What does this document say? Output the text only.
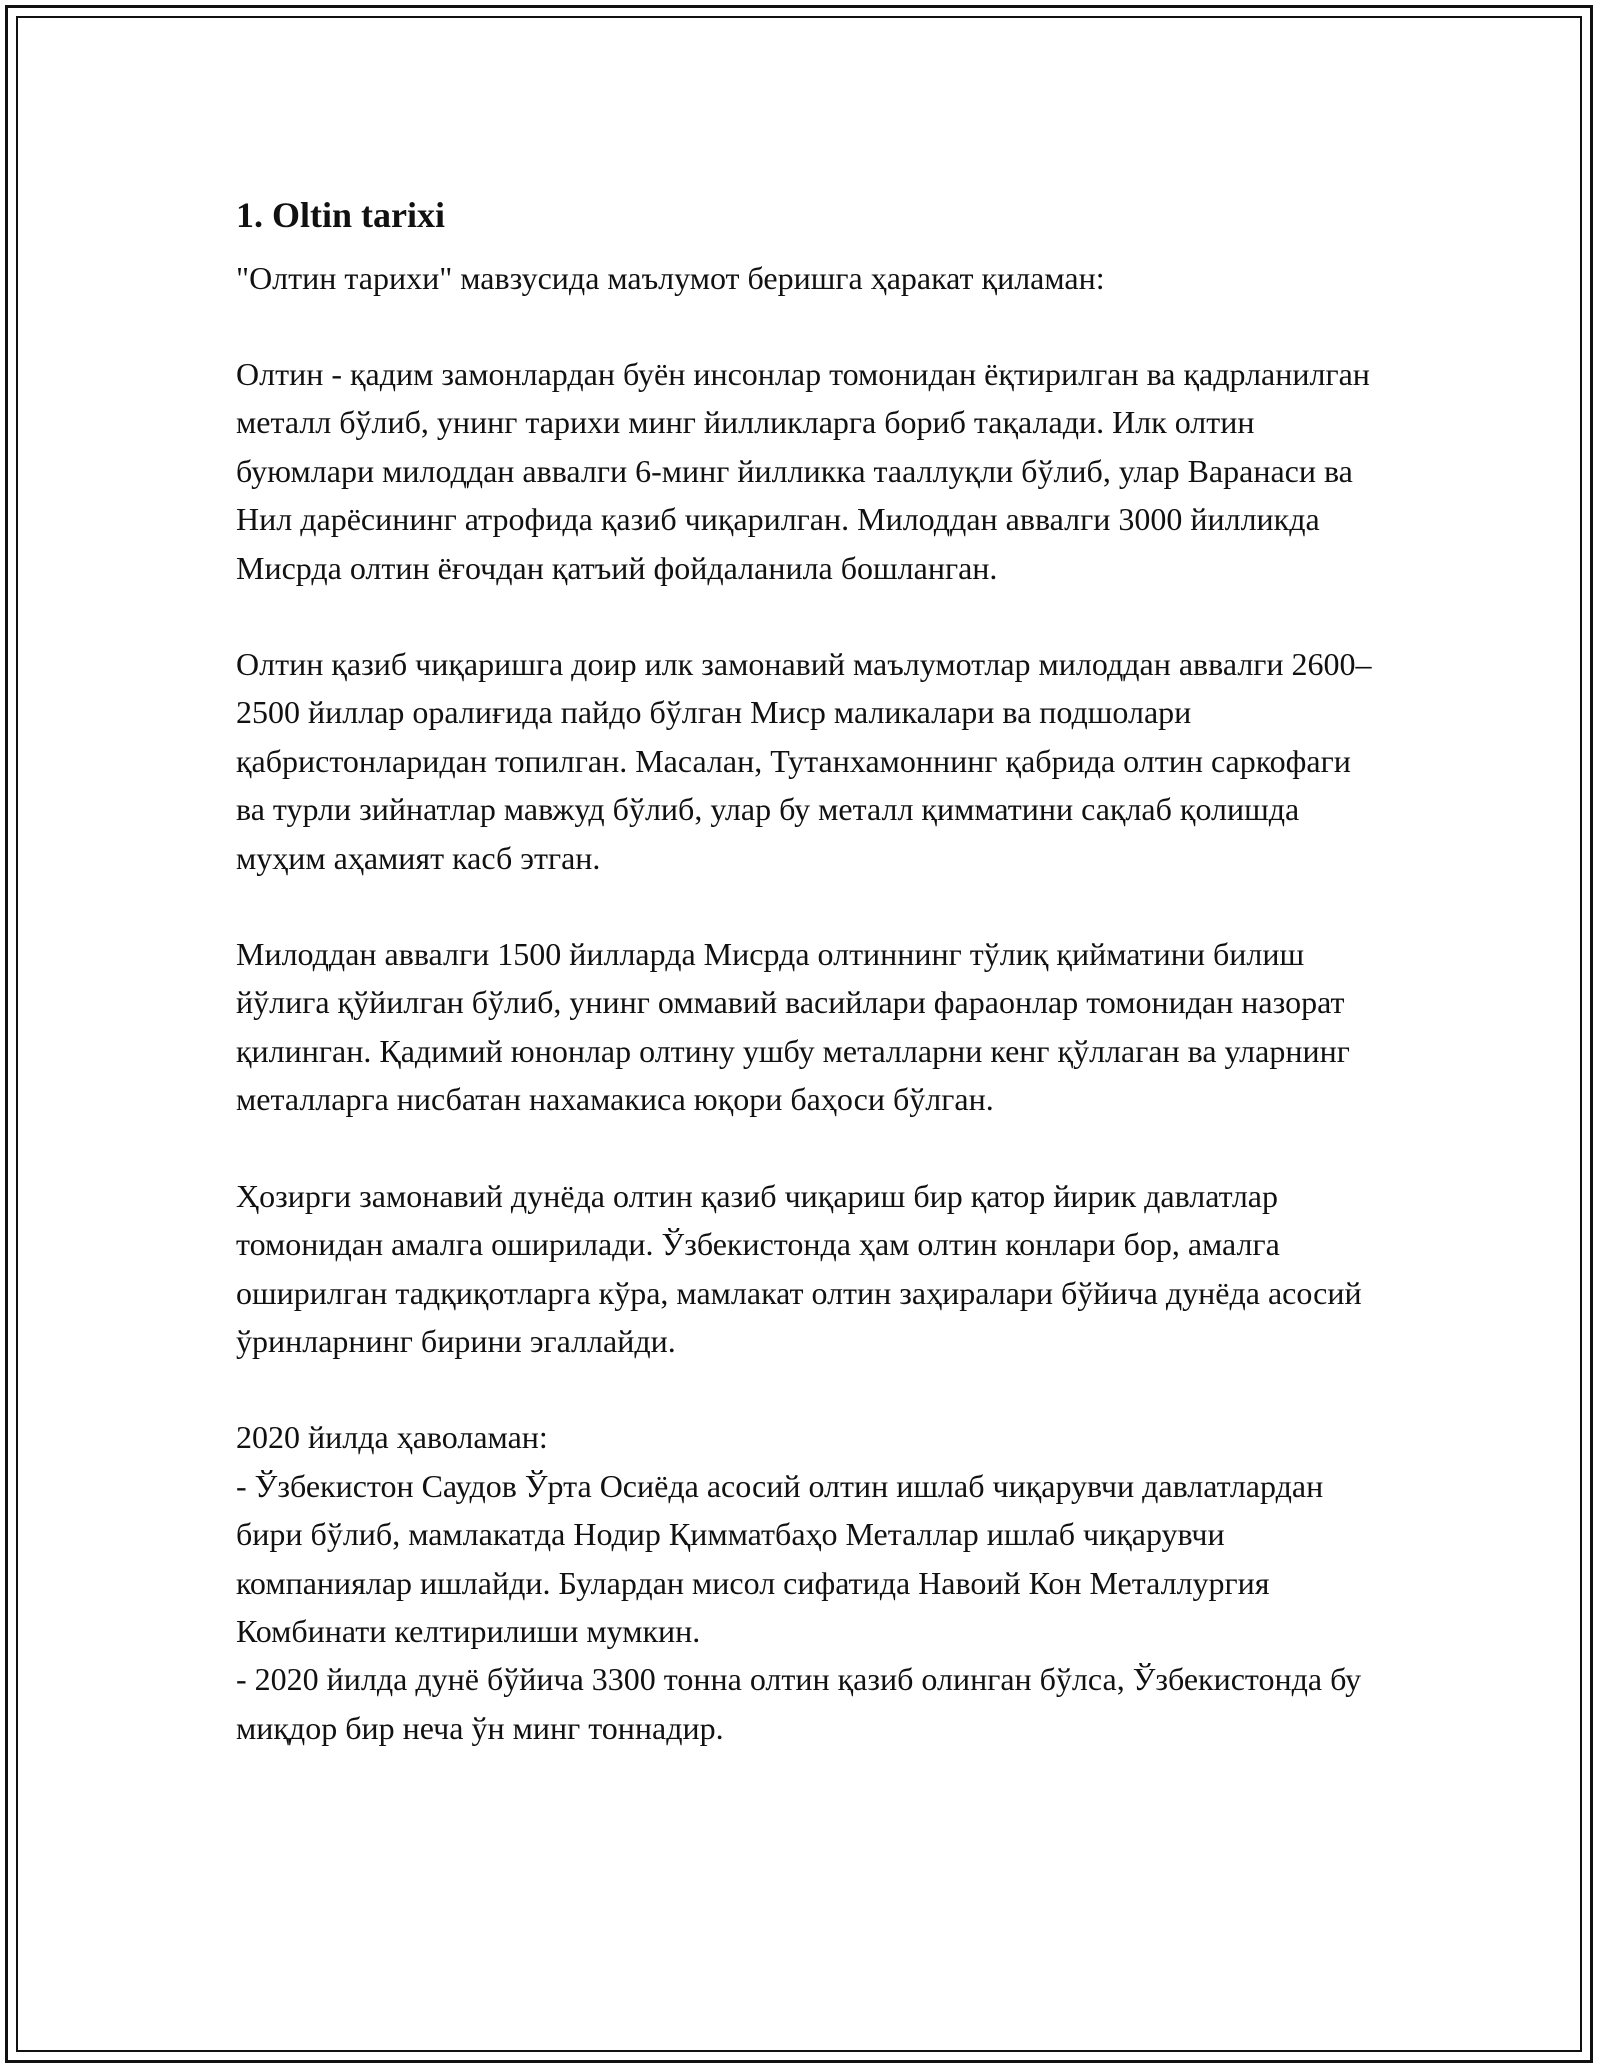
1. Oltin tarixi

"Олтин тарихи" мавзусида маълумот беришга ҳаракат қиламан:

Олтин - қадим замонлардан буён инсонлар томонидан ёқтирилган ва қадрланилган металл бўлиб, унинг тарихи минг йилликларга бориб тақалади. Илк олтин буюмлари милоддан аввалги 6-минг йилликка тааллуқли бўлиб, улар Варанаси ва Нил дарёсининг атрофида қазиб чиқарилган. Милоддан аввалги 3000 йилликда Мисрда олтин ёғочдан қатъий фойдаланила бошланган.

Олтин қазиб чиқаришга доир илк замонавий маълумотлар милоддан аввалги 2600–2500 йиллар оралиғида пайдо бўлган Миср маликалари ва подшолари қабристонларидан топилган. Масалан, Тутанхамоннинг қабрида олтин саркофаги ва турли зийнатлар мавжуд бўлиб, улар бу металл қимматини сақлаб қолишда муҳим аҳамият касб этган.

Милоддан аввалги 1500 йилларда Мисрда олтиннинг тўлиқ қийматини билиш йўлига қўйилган бўлиб, унинг оммавий васийлари фараонлар томонидан назорат қилинган. Қадимий юнонлар олтину ушбу металларни кенг қўллаган ва уларнинг металларга нисбатан нахамакиса юқори баҳоси бўлган.

Ҳозирги замонавий дунёда олтин қазиб чиқариш бир қатор йирик давлатлар томонидан амалга оширилади. Ўзбекистонда ҳам олтин конлари бор, амалга оширилган тадқиқотларга кўра, мамлакат олтин заҳиралари бўйича дунёда асосий ўринларнинг бирини эгаллайди.

2020 йилда ҳаволаман:

- Ўзбекистон Саудов Ўрта Осиёда асосий олтин ишлаб чиқарувчи давлатлардан бири бўлиб, мамлакатда Нодир Қимматбаҳо Металлар ишлаб чиқарувчи компаниялар ишлайди. Булардан мисол сифатида Навоий Кон Металлургия Комбинати келтирилиши мумкин.

- 2020 йилда дунё бўйича 3300 тонна олтин қазиб олинган бўлса, Ўзбекистонда бу миқдор бир неча ўн минг тоннадир.
